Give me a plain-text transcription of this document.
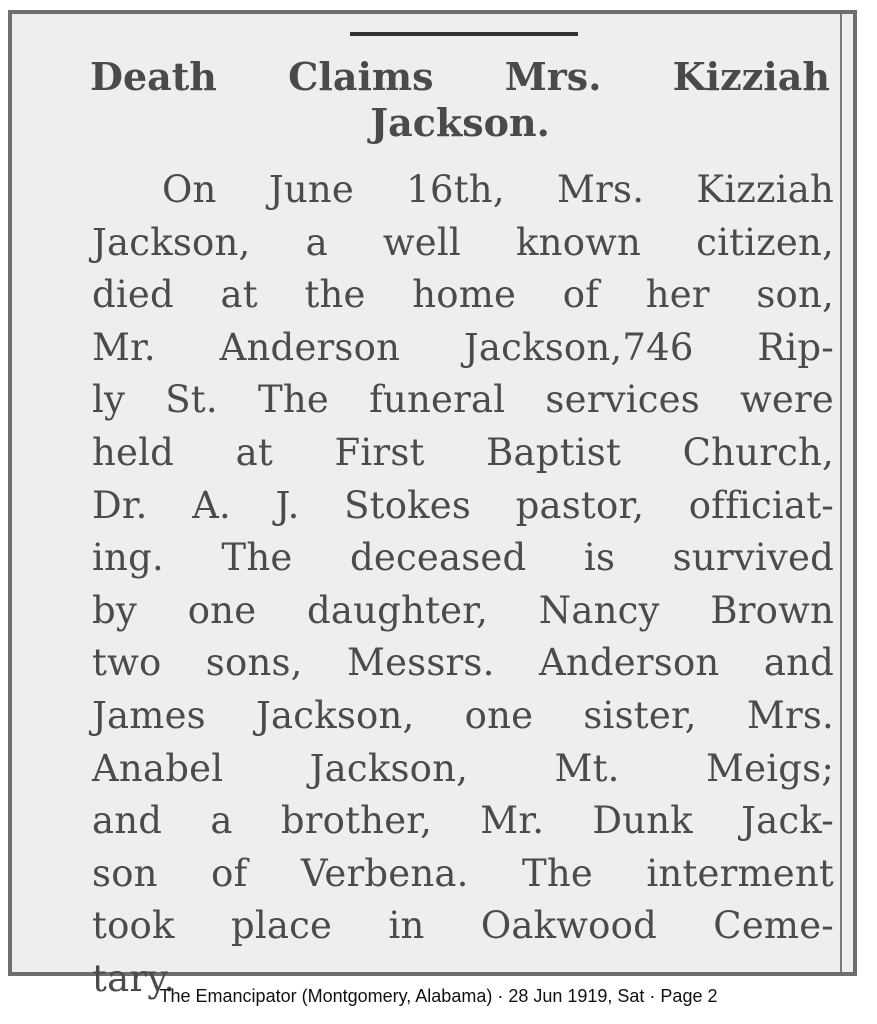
Death Claims Mrs. Kizziah
Jackson.
On June 16th, Mrs. Kizziah
Jackson, a well known citizen,
died at the home of her son,
Mr. Anderson Jackson,746 Rip-
ly St. The funeral services were
held at First Baptist Church,
Dr. A. J. Stokes pastor, officiat-
ing. The deceased is survived
by one daughter, Nancy Brown
two sons, Messrs. Anderson and
James Jackson, one sister, Mrs.
Anabel Jackson, Mt. Meigs;
and a brother, Mr. Dunk Jack-
son of Verbena. The interment
took place in Oakwood Ceme-
tary.
The Emancipator (Montgomery, Alabama) · 28 Jun 1919, Sat · Page 2
